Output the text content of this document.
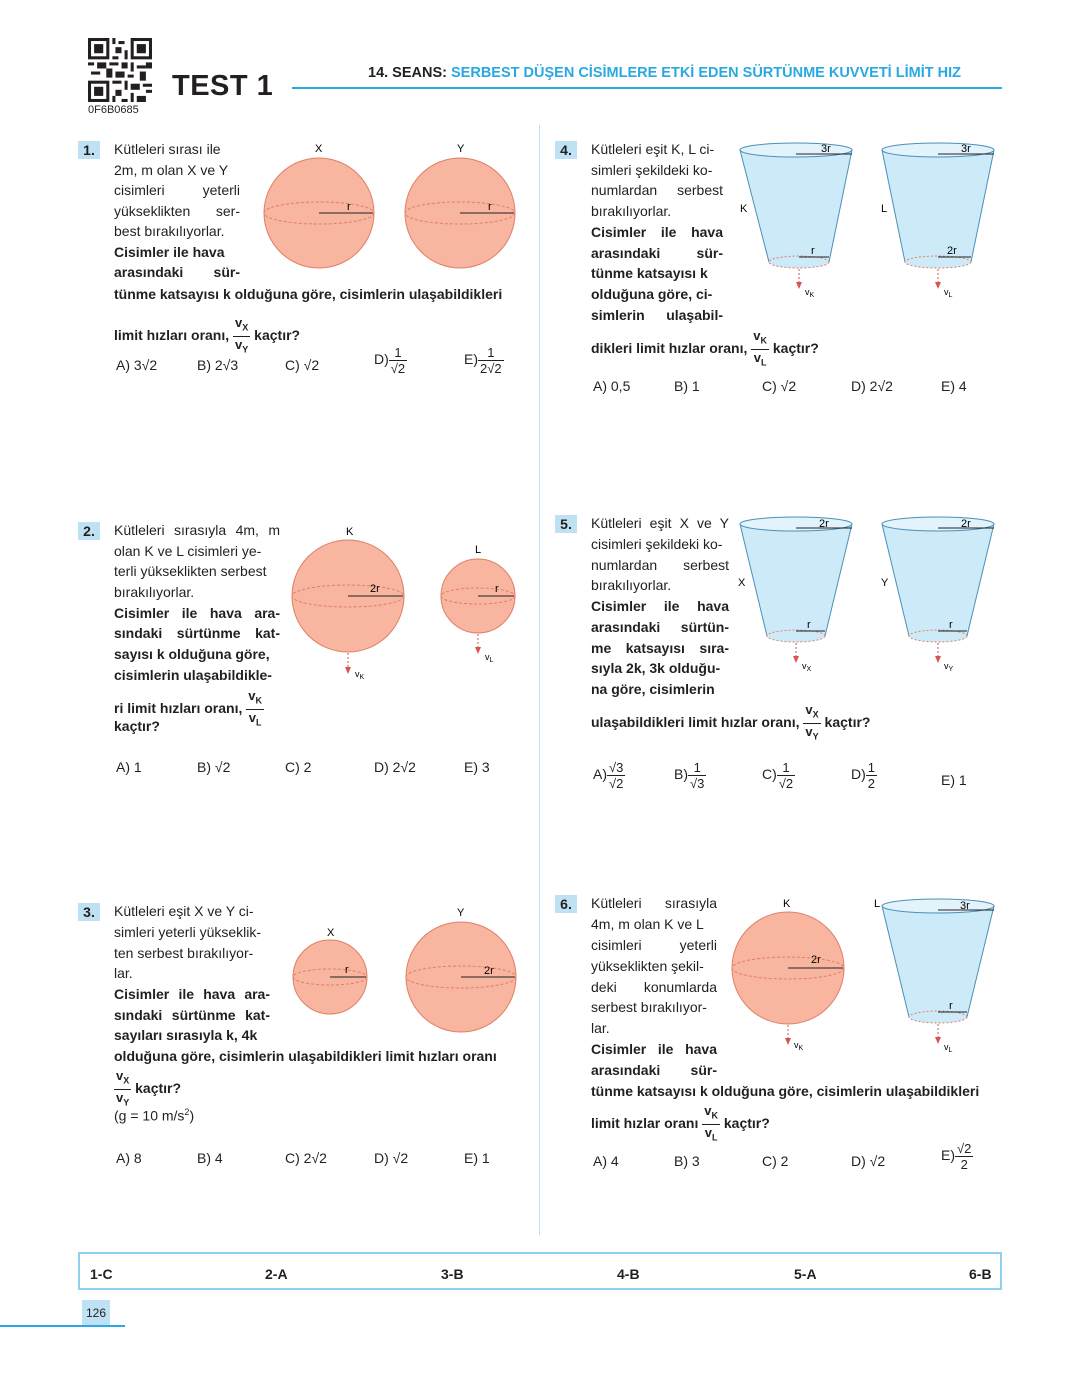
0F6B0685
TEST 1	14. SEANS: SERBEST DÜŞEN CİSİMLERE ETKİ EDEN SÜRTÜNME KUVVETİ LİMİT HIZ
1.	Kütleleri sırası ile
2m, m olan X ve Y
cisimleri yeterli
yükseklikten ser-
best bırakılıyorlar.
Cisimler ile hava
arasındaki sür-
tünme katsayısı k olduğuna göre, cisimlerin ulaşabildikleri
limit hızları oranı, $\frac{v_X}{v_Y}$ kaçtır?
X
r
Y
r
A) 3√2	B) 2√3	C) √2	$D) \frac{1}{√2}$	$E) \frac{1}{2√2}$
2.	Kütleleri sırasıyla 4m, m
olan K ve L cisimleri ye-
terli yükseklikten serbest
bırakılıyorlar.
Cisimler ile hava ara-
sındaki sürtünme kat-
sayısı k olduğuna göre,
cisimlerin ulaşabildikle-
ri limit hızları oranı, $\frac{v_K}{v_L}$
kaçtır?
K
2r
$v_K$
L
r
$v_L$
A) 1	B) √2	C) 2	D) 2√2	E) 3
3.	Kütleleri eşit X ve Y ci-
simleri yeterli yükseklik-
ten serbest bırakılıyor-
lar.
Cisimler ile hava ara-
sındaki sürtünme kat-
sayıları sırasıyla k, 4k
olduğuna göre, cisimlerin ulaşabildikleri limit hızları oranı
$\frac{v_X}{v_Y}$ kaçtır?
(g = 10 $m/s^2$)
X
r
Y
2r
A) 8	B) 4	C) 2√2	D) √2	E) 1
4.	Kütleleri eşit K, L ci-
simleri şekildeki ko-
numlardan serbest
bırakılıyorlar.
Cisimler ile hava
arasındaki sür-
tünme katsayısı k
olduğuna göre, ci-
simlerin ulaşabil-
dikleri limit hızlar oranı, $\frac{v_K}{v_L}$ kaçtır?
K
3r
r
$v_K$
L
3r
2r
$v_L$
A) 0,5	B) 1	C) √2	D) 2√2	E) 4
5.	Kütleleri eşit X ve Y
cisimleri şekildeki ko-
numlardan serbest
bırakılıyorlar.
Cisimler ile hava
arasındaki sürtün-
me katsayısı sıra-
sıyla 2k, 3k olduğu-
na göre, cisimlerin
ulaşabildikleri limit hızlar oranı, $\frac{v_X}{v_Y}$ kaçtır?
X
2r
r
$v_X$
Y
2r
r
$v_Y$
$A) \frac{√3}{√2}$	$B) \frac{1}{√3}$	$C) \frac{1}{√2}$	$D) \frac{1}{2}$	E) 1
6.	Kütleleri sırasıyla
4m, m olan K ve L
cisimleri yeterli
yükseklikten şekil-
deki konumlarda
serbest bırakılıyor-
lar.
Cisimler ile hava
arasındaki sür-
tünme katsayısı k olduğuna göre, cisimlerin ulaşabildikleri
limit hızlar oranı $\frac{v_K}{v_L}$ kaçtır?
K
2r
$v_K$
L	3r
r
$v_L$
A) 4	B) 3	C) 2	D) √2	$E) \frac{√2}{2}$
1-C	2-A	3-B	4-B	5-A	6-B
126
